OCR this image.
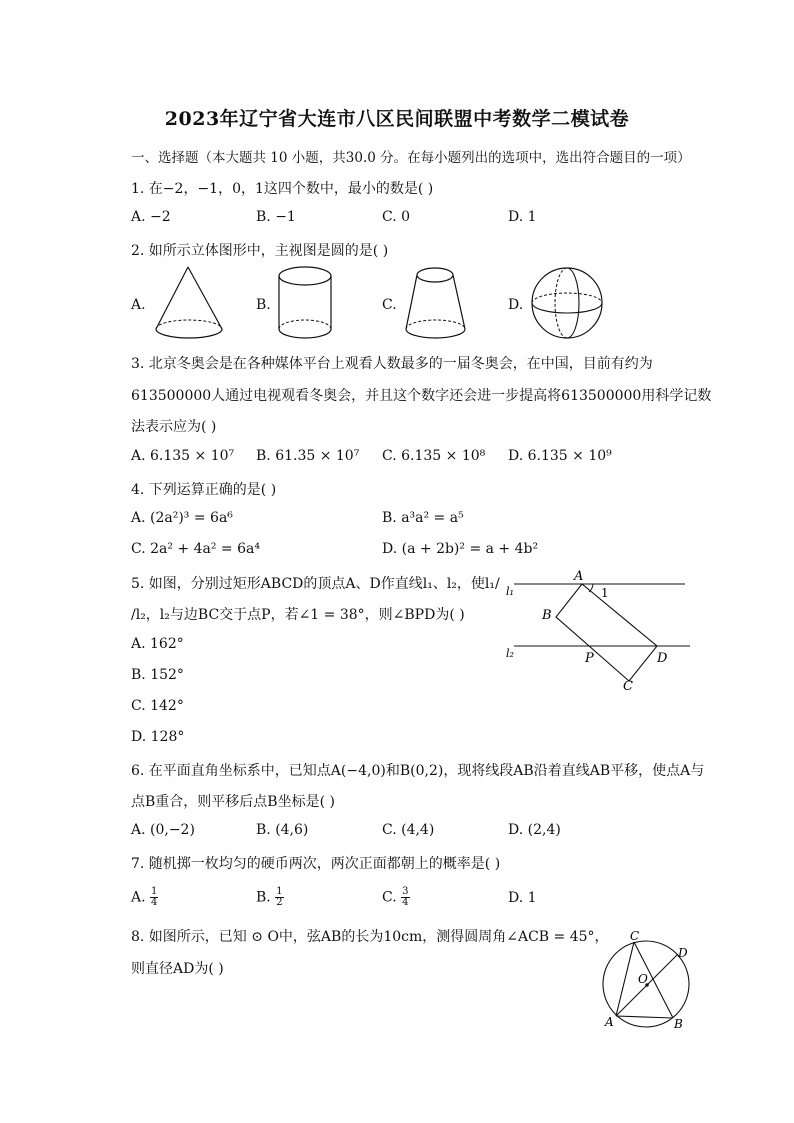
2023年辽宁省大连市八区民间联盟中考数学二模试卷
一、选择题（本大题共 10 小题，共30.0 分。在每小题列出的选项中，选出符合题目的一项）
1. 在−2，−1，0，1这四个数中，最小的数是( )
A. −2	B. −1	C. 0	D. 1
2. 如所示立体图形中，主视图是圆的是( )
A.	B.	C.	D.
3. 北京冬奥会是在各种媒体平台上观看人数最多的一届冬奥会，在中国，目前有约为
613500000人通过电视观看冬奥会，并且这个数字还会进一步提高将613500000用科学记数
法表示应为( )
A. 6.135 × 10⁷ B. 61.35 × 10⁷ C. 6.135 × 10⁸ D. 6.135 × 10⁹
4. 下列运算正确的是( )
A. (2a²)³ = 6a⁶	B. a³a² = a⁵
C. 2a² + 4a² = 6a⁴	D. (a + 2b)² = a + 4b²
5. 如图，分别过矩形ABCD的顶点A、D作直线l₁、l₂，使l₁/
/l₂，l₂与边BC交于点P，若∠1 = 38°，则∠BPD为( )
A. 162°
B. 152°
C. 142°
D. 128°
l₁
l₂
A
1
B
P	D
C
6. 在平面直角坐标系中，已知点A(−4,0)和B(0,2)，现将线段AB沿着直线AB平移，使点A与
点B重合，则平移后点B坐标是( )
A. (0,−2)	B. (4,6)	C. (4,4)	D. (2,4)
7. 随机掷一枚均匀的硬币两次，两次正面都朝上的概率是( )
A. $\frac{1}{4}$	B. $\frac{1}{2}$	C. $\frac{3}{4}$	D. 1
8. 如图所示，已知 ⊙ O中，弦AB的长为10cm，测得圆周角∠ACB = 45°，
则直径AD为( )
C
D
O
A	B
